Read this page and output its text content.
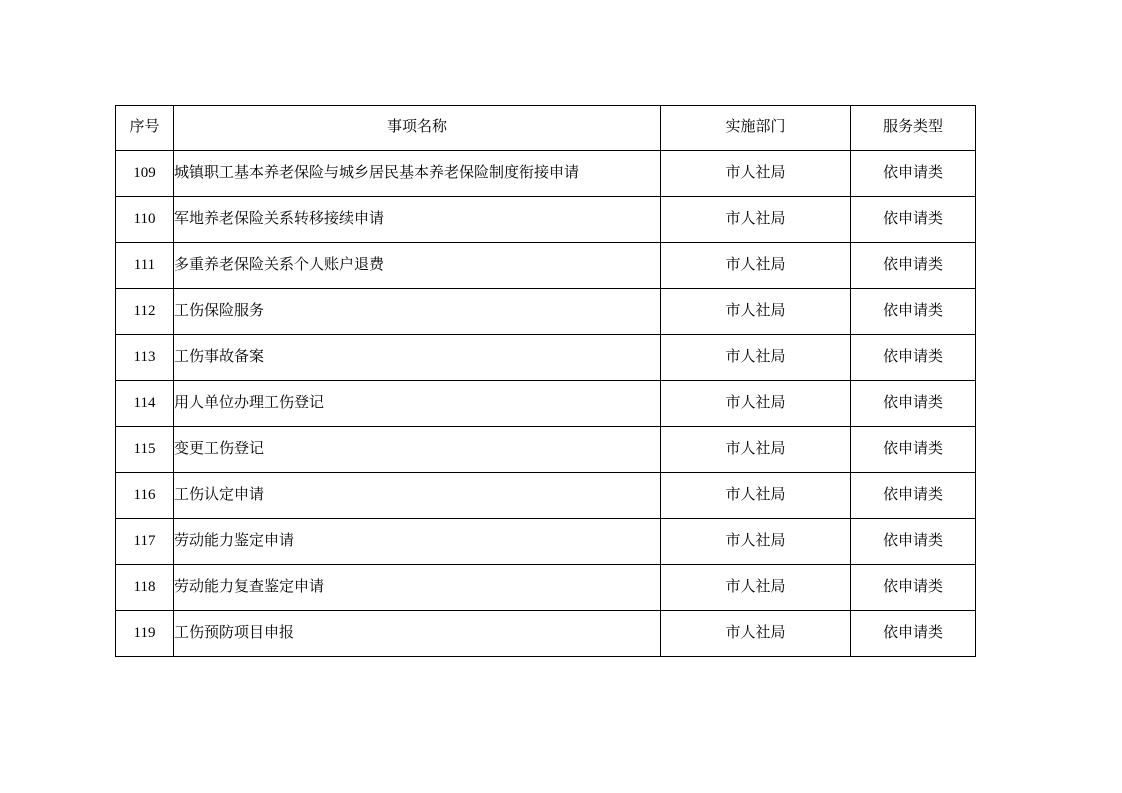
序号	事项名称	实施部门	服务类型
109	城镇职工基本养老保险与城乡居民基本养老保险制度衔接申请	市人社局	依申请类
110	军地养老保险关系转移接续申请	市人社局	依申请类
111	多重养老保险关系个人账户退费	市人社局	依申请类
112	工伤保险服务	市人社局	依申请类
113	工伤事故备案	市人社局	依申请类
114	用人单位办理工伤登记	市人社局	依申请类
115	变更工伤登记	市人社局	依申请类
116	工伤认定申请	市人社局	依申请类
117	劳动能力鉴定申请	市人社局	依申请类
118	劳动能力复查鉴定申请	市人社局	依申请类
119	工伤预防项目申报	市人社局	依申请类
